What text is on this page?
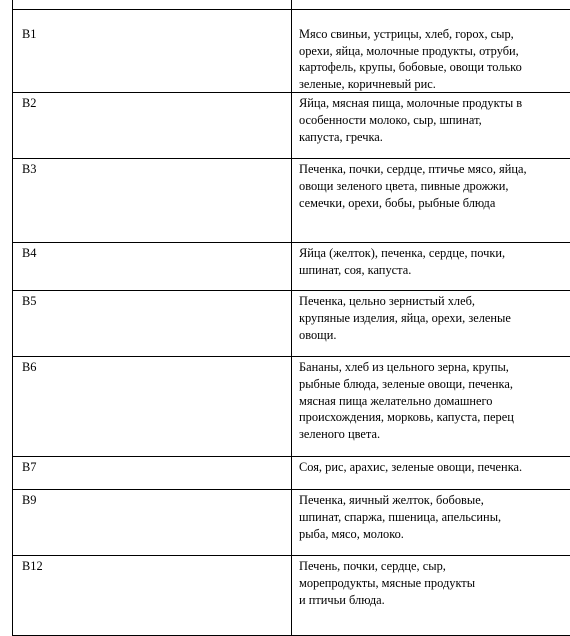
В1	Мясо свиньи, устрицы, хлеб, горох, сыр,
орехи, яйца, молочные продукты, отруби,
картофель, крупы, бобовые, овощи только
зеленые, коричневый рис.

В2	Яйца, мясная пища, молочные продукты в
особенности молоко, сыр, шпинат,
капуста, гречка.

В3	Печенка, почки, сердце, птичье мясо, яйца,
овощи зеленого цвета, пивные дрожжи,
семечки, орехи, бобы, рыбные блюда

В4	Яйца (желток), печенка, сердце, почки,
шпинат, соя, капуста.

В5	Печенка, цельно зернистый хлеб,
крупяные изделия, яйца, орехи, зеленые
овощи.

В6	Бананы, хлеб из цельного зерна, крупы,
рыбные блюда, зеленые овощи, печенка,
мясная пища желательно домашнего
происхождения, морковь, капуста, перец
зеленого цвета.

В7	Соя, рис, арахис, зеленые овощи, печенка.

В9	Печенка, яичный желток, бобовые,
шпинат, спаржа, пшеница, апельсины,
рыба, мясо, молоко.

В12	Печень, почки, сердце, сыр,
морепродукты, мясные продукты
и птичьи блюда.
